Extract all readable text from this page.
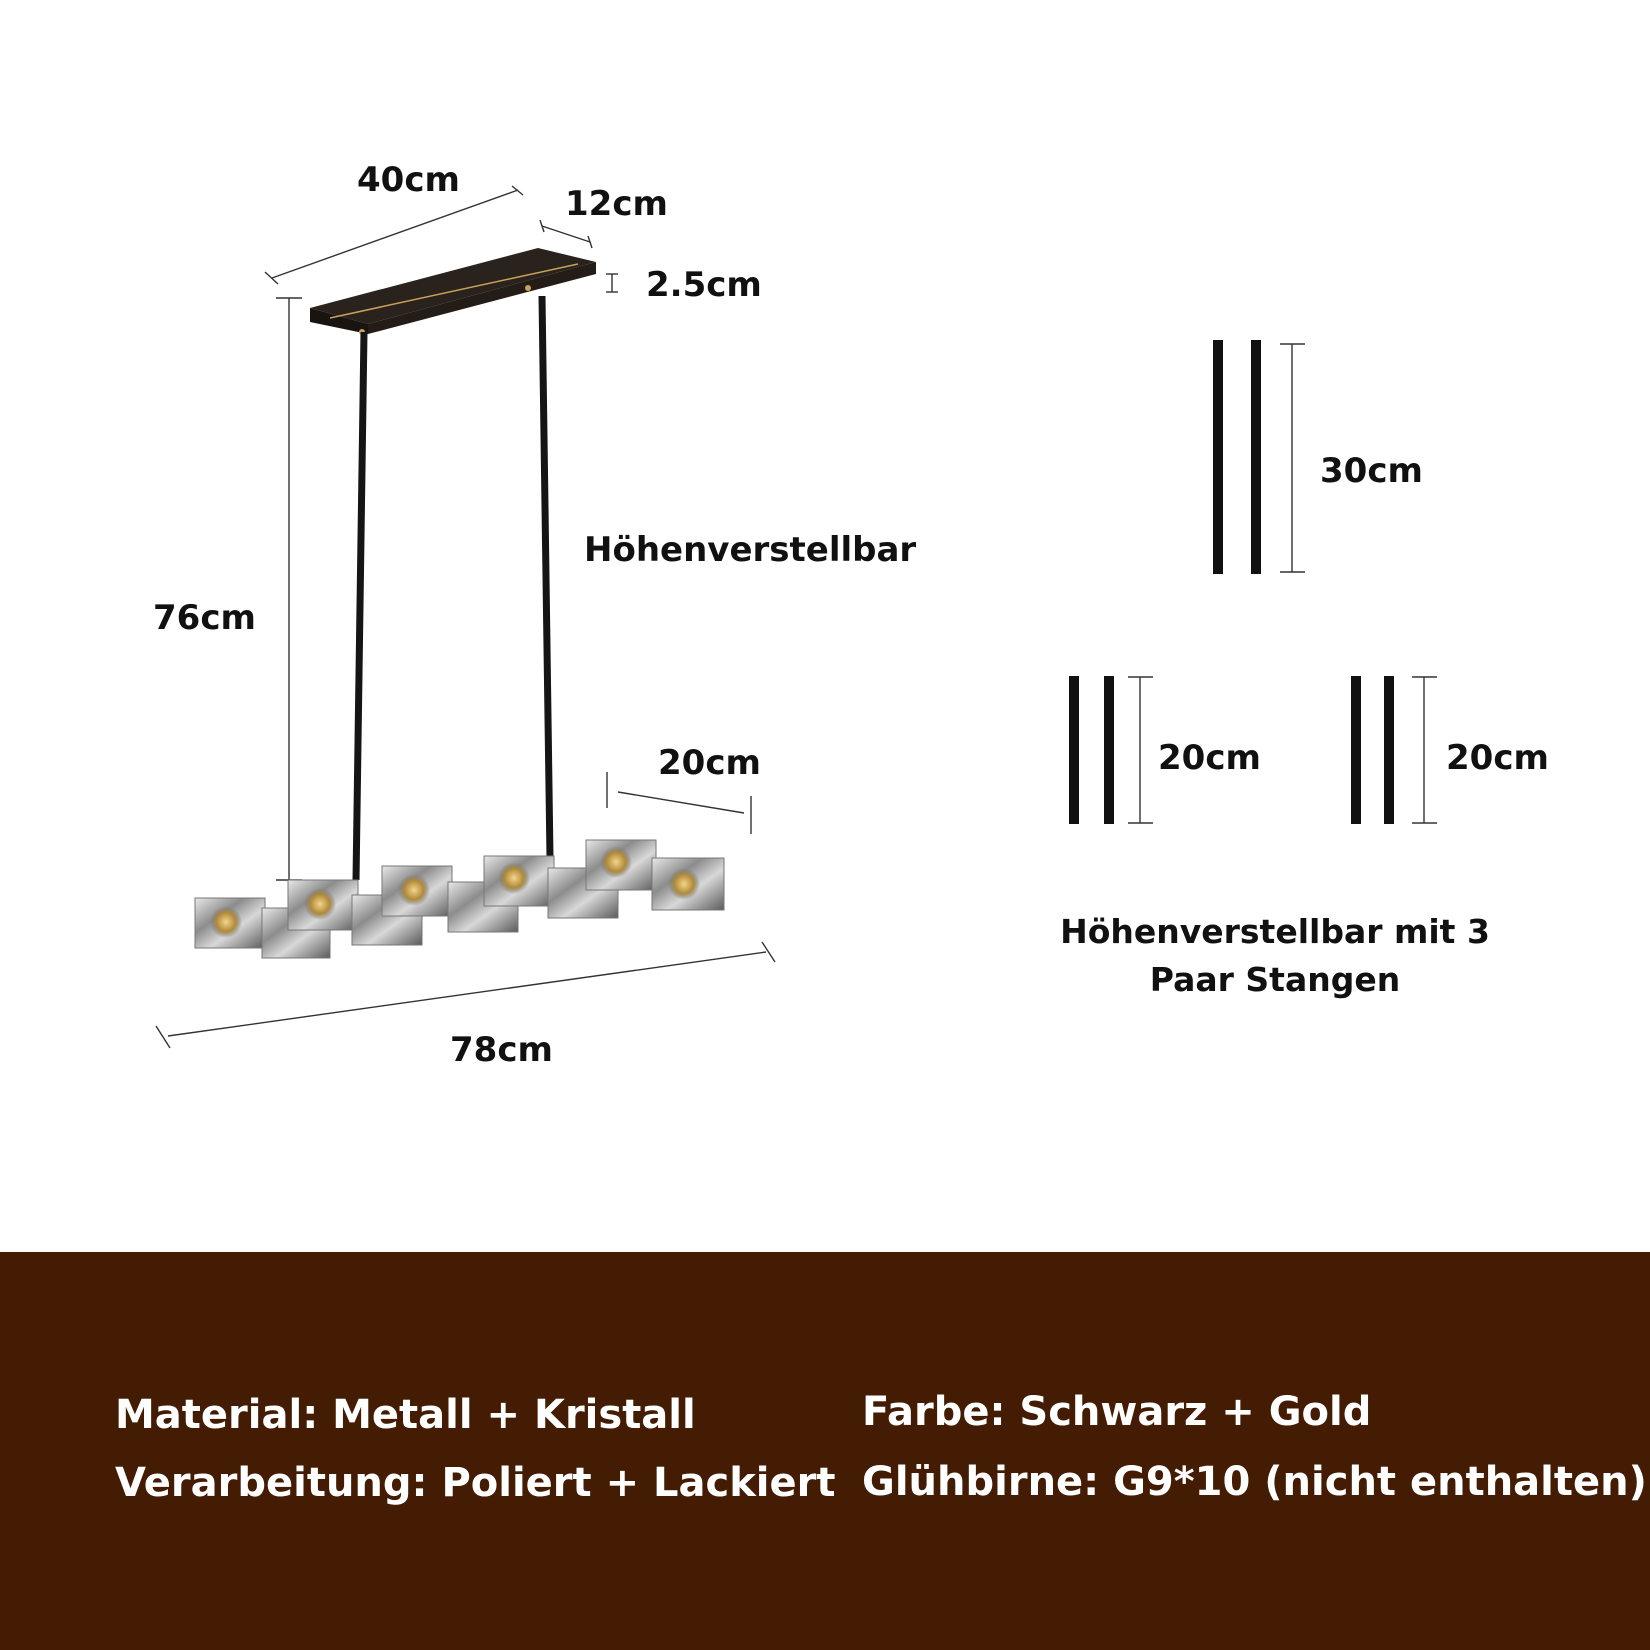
40cm
12cm
2.5cm
76cm
Höhenverstellbar
20cm
78cm
30cm
20cm	20cm
Höhenverstellbar mit 3
Paar Stangen
Material: Metall + Kristall
Verarbeitung: Poliert + Lackiert
Farbe: Schwarz + Gold
Glühbirne: G9*10 (nicht enthalten)
